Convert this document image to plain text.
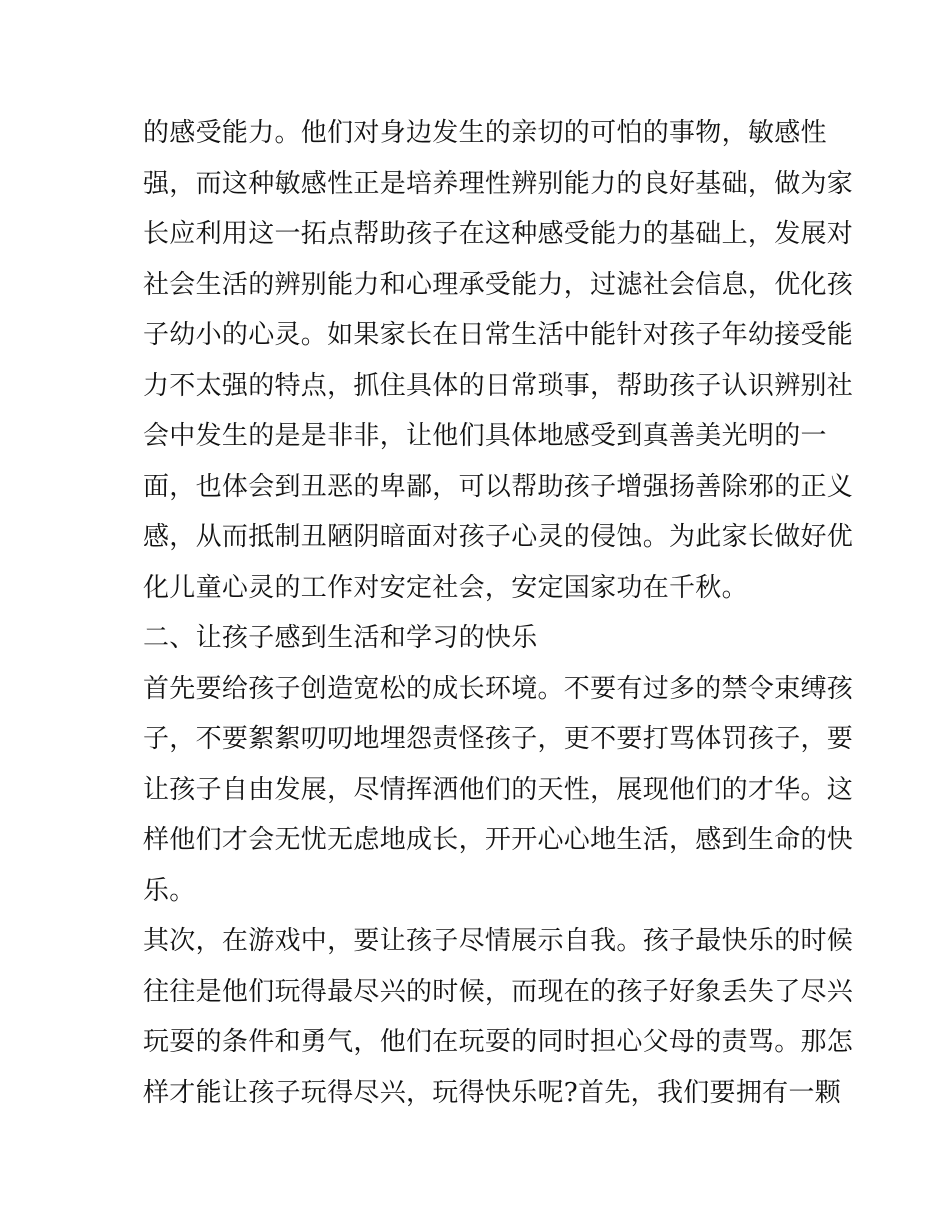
的感受能力。他们对身边发生的亲切的可怕的事物，敏感性
强，而这种敏感性正是培养理性辨别能力的良好基础，做为家
长应利用这一拓点帮助孩子在这种感受能力的基础上，发展对
社会生活的辨别能力和心理承受能力，过滤社会信息，优化孩
子幼小的心灵。如果家长在日常生活中能针对孩子年幼接受能
力不太强的特点，抓住具体的日常琐事，帮助孩子认识辨别社
会中发生的是是非非，让他们具体地感受到真善美光明的一
面，也体会到丑恶的卑鄙，可以帮助孩子增强扬善除邪的正义
感，从而抵制丑陋阴暗面对孩子心灵的侵蚀。为此家长做好优
化儿童心灵的工作对安定社会，安定国家功在千秋。
二、让孩子感到生活和学习的快乐
首先要给孩子创造宽松的成长环境。不要有过多的禁令束缚孩
子，不要絮絮叨叨地埋怨责怪孩子，更不要打骂体罚孩子，要
让孩子自由发展，尽情挥洒他们的天性，展现他们的才华。这
样他们才会无忧无虑地成长，开开心心地生活，感到生命的快
乐。
其次，在游戏中，要让孩子尽情展示自我。孩子最快乐的时候
往往是他们玩得最尽兴的时候，而现在的孩子好象丢失了尽兴
玩耍的条件和勇气，他们在玩耍的同时担心父母的责骂。那怎
样才能让孩子玩得尽兴，玩得快乐呢?首先，我们要拥有一颗
